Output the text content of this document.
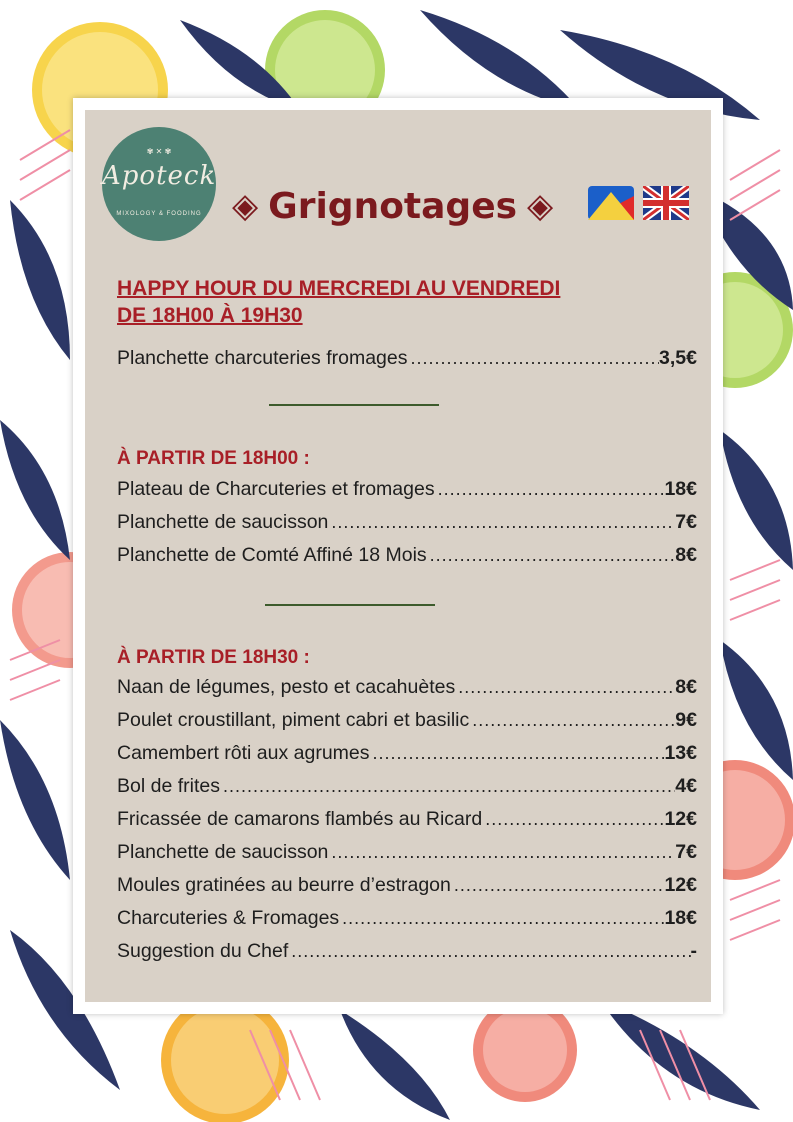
✾ ✕ ✾
Apoteck
MIXOLOGY & FOODING ◈ Grignotages ◈
HAPPY HOUR DU MERCREDI AU VENDREDI
DE 18H00 À 19H30
Planchette charcuteries fromages .....	3,5€
À PARTIR DE 18H00 :
Plateau de Charcuteries et fromages .....	18€
Planchette de saucisson .....	7€
Planchette de Comté Affiné 18 Mois .....	8€
À PARTIR DE 18H30 :
Naan de légumes, pesto et cacahuètes .....	8€
Poulet croustillant, piment cabri et basilic .....	9€
Camembert rôti aux agrumes .....	13€
Bol de frites .....	4€
Fricassée de camarons flambés au Ricard .....	12€
Planchette de saucisson .....	7€
Moules gratinées au beurre d’estragon .....	12€
Charcuteries & Fromages .....	18€
Suggestion du Chef .....	-
